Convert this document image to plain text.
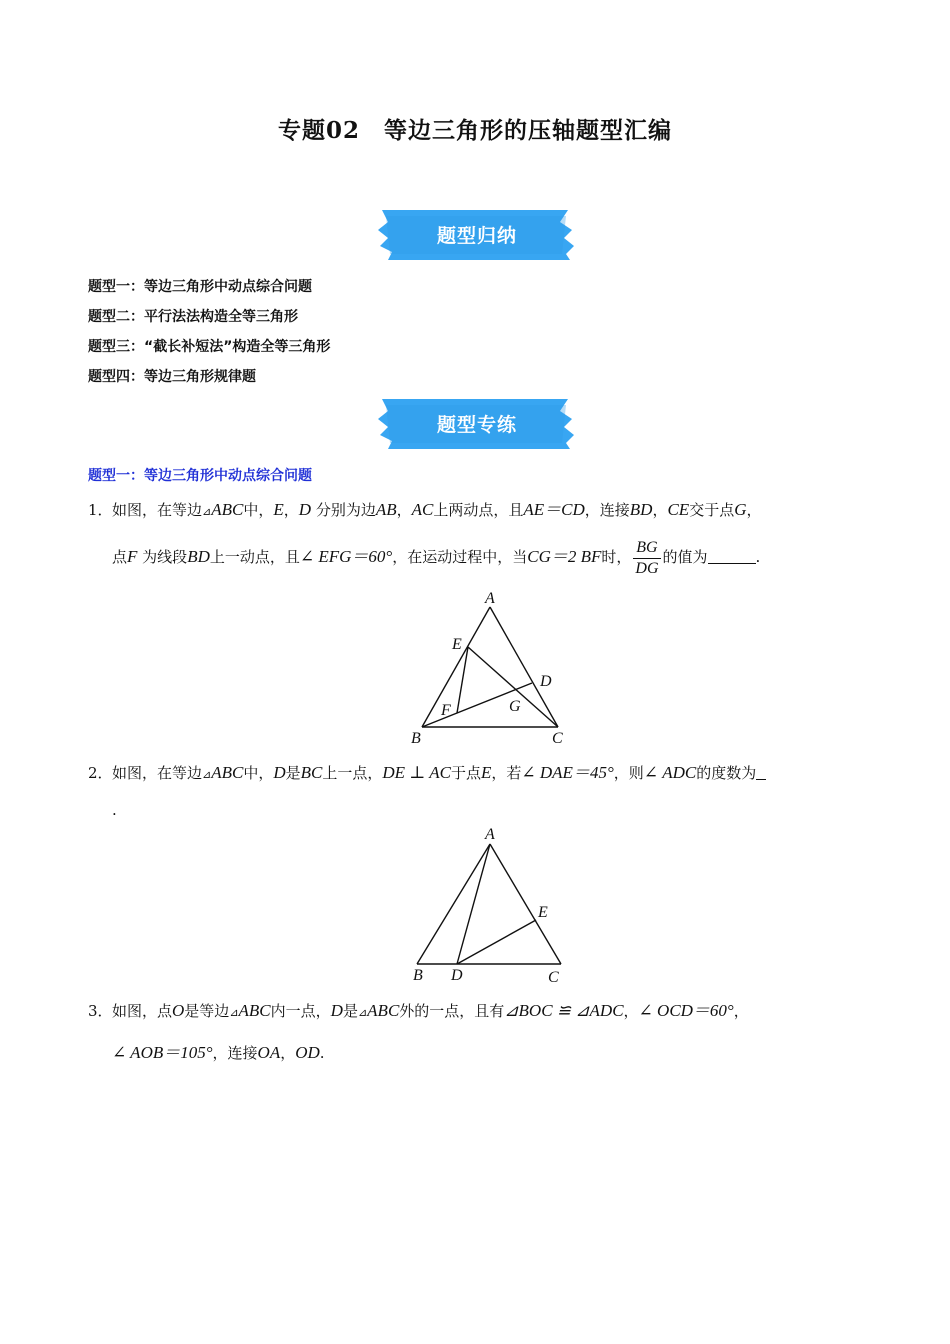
专题02　等边三角形的压轴题型汇编
题型归纳
题型一：等边三角形中动点综合问题
题型二：平行法法构造全等三角形
题型三：“截长补短法”构造全等三角形
题型四：等边三角形规律题
题型专练
题型一：等边三角形中动点综合问题
1．如图，在等边⊿ABC中，E，D 分别为边AB，AC上两动点，且AE＝CD，连接BD，CE交于点G，
点F 为线段BD上一动点，且∠ EFG＝60°，在运动过程中，当CG＝2 BF时， $\frac{BG}{DG}$ 的值为	.
A
B	C
D
E
F	G
2．如图，在等边⊿ABC中，D是BC上一点，DE ⊥ AC于点E，若∠ DAE＝45°，则∠ ADC的度数为
.
A
B	C
D
E
3．如图，点O是等边⊿ABC内一点，D是⊿ABC外的一点，且有⊿BOC ≌ ⊿ADC，∠ OCD＝60°，
∠ AOB＝105°，连接OA，OD.
